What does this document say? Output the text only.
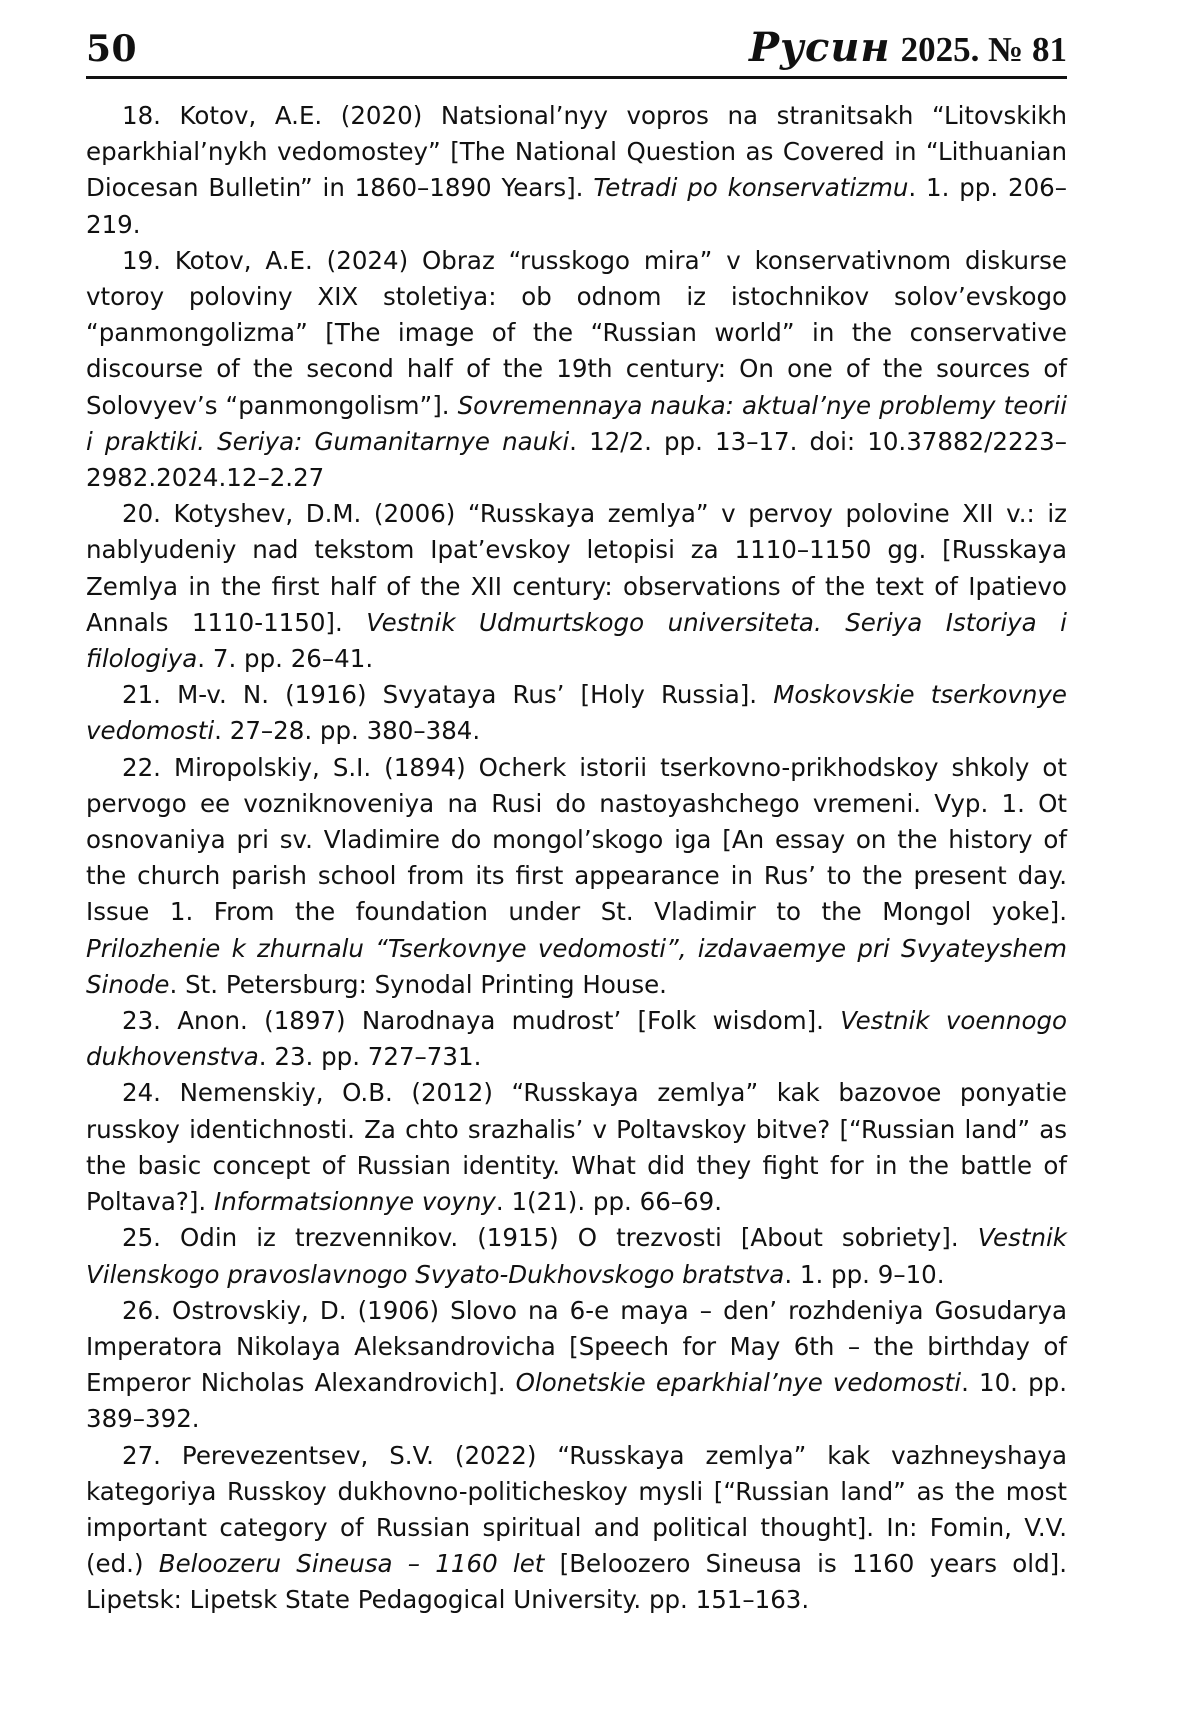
50	Русин 2025. № 81

18. Kotov, A.E. (2020) Natsional’nyy vopros na stranitsakh “Litovskikh eparkhial’nykh vedomostey” [The National Question as Covered in “Lithuanian Diocesan Bulletin” in 1860–1890 Years]. Tetradi po konservatizmu. 1. pp. 206–219.

19. Kotov, A.E. (2024) Obraz “russkogo mira” v konservativnom diskurse vtoroy poloviny XIX stoletiya: ob odnom iz istochnikov solov’evskogo “panmongolizma” [The image of the “Russian world” in the conservative discourse of the second half of the 19th century: On one of the sources of Solovyev’s “panmongolism”]. Sovremennaya nauka: aktual’nye problemy teorii i praktiki. Seriya: Gumanitarnye nauki. 12/2. pp. 13–17. doi: 10.37882/2223–2982.2024.12–2.27

20. Kotyshev, D.M. (2006) “Russkaya zemlya” v pervoy polovine XII v.: iz nablyudeniy nad tekstom Ipat’evskoy letopisi za 1110–1150 gg. [Russkaya Zemlya in the first half of the XII century: observations of the text of Ipatievo Annals 1110-1150]. Vestnik Udmurtskogo universiteta. Seriya Istoriya i filologiya. 7. pp. 26–41.

21. M-v. N. (1916) Svyataya Rus’ [Holy Russia]. Moskovskie tserkovnye vedomosti. 27–28. pp. 380–384.

22. Miropolskiy, S.I. (1894) Ocherk istorii tserkovno-prikhodskoy shkoly ot pervogo ee vozniknoveniya na Rusi do nastoyashchego vremeni. Vyp. 1. Ot osnovaniya pri sv. Vladimire do mongol’skogo iga [An essay on the history of the church parish school from its first appearance in Rus’ to the present day. Issue 1. From the foundation under St. Vladimir to the Mongol yoke]. Prilozhenie k zhurnalu “Tserkovnye vedomosti”, izdavaemye pri Svyateyshem Sinode. St. Petersburg: Synodal Printing House.

23. Anon. (1897) Narodnaya mudrost’ [Folk wisdom]. Vestnik voennogo dukhovenstva. 23. pp. 727–731.

24. Nemenskiy, O.B. (2012) “Russkaya zemlya” kak bazovoe ponyatie russkoy identichnosti. Za chto srazhalis’ v Poltavskoy bitve? [“Russian land” as the basic concept of Russian identity. What did they fight for in the battle of Poltava?]. Informatsionnye voyny. 1(21). pp. 66–69.

25. Odin iz trezvennikov. (1915) O trezvosti [About sobriety]. Vestnik Vilenskogo pravoslavnogo Svyato-Dukhovskogo bratstva. 1. pp. 9–10.

26. Ostrovskiy, D. (1906) Slovo na 6-e maya – den’ rozhdeniya Gosudarya Imperatora Nikolaya Aleksandrovicha [Speech for May 6th – the birthday of Emperor Nicholas Alexandrovich]. Olonetskie eparkhial’nye vedomosti. 10. pp. 389–392.

27. Perevezentsev, S.V. (2022) “Russkaya zemlya” kak vazhneyshaya kategoriya Russkoy dukhovno-politicheskoy mysli [“Russian land” as the most important category of Russian spiritual and political thought]. In: Fomin, V.V. (ed.) Beloozeru Sineusa – 1160 let [Beloozero Sineusa is 1160 years old]. Lipetsk: Lipetsk State Pedagogical University. pp. 151–163.
